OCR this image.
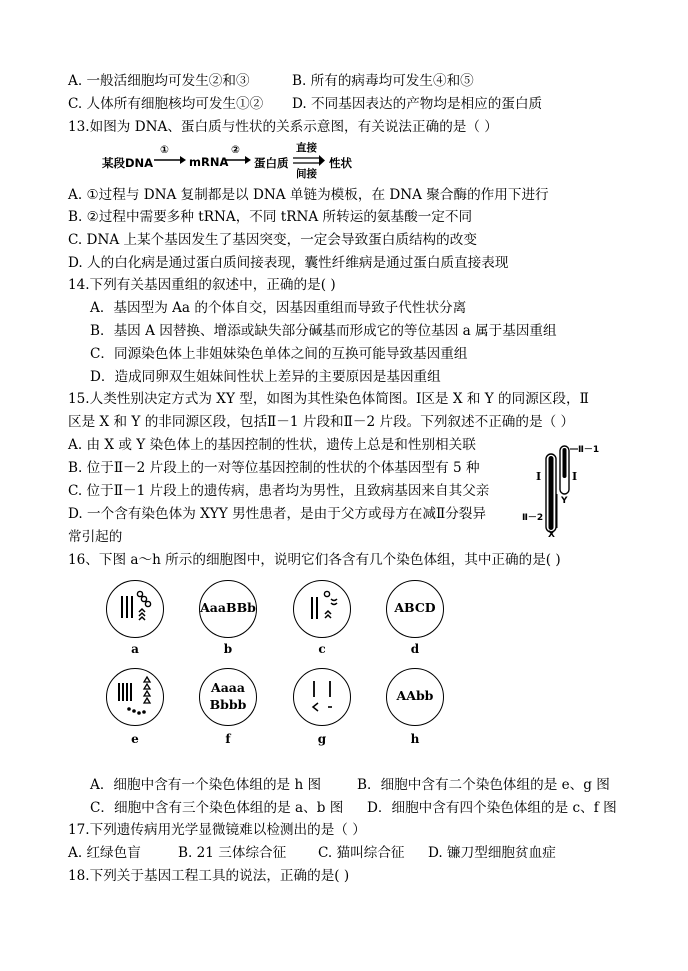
A. 一般活细胞均可发生②和③	B. 所有的病毒均可发生④和⑤
C. 人体所有细胞核均可发生①② D. 不同基因表达的产物均是相应的蛋白质
13.如图为 DNA、蛋白质与性状的关系示意图，有关说法正确的是（ ）
某段DNA
①
mRNA
②
蛋白质
直接
间接
性状
A. ①过程与 DNA 复制都是以 DNA 单链为模板，在 DNA 聚合酶的作用下进行
B. ②过程中需要多种 tRNA，不同 tRNA 所转运的氨基酸一定不同
C. DNA 上某个基因发生了基因突变，一定会导致蛋白质结构的改变
D. 人的白化病是通过蛋白质间接表现，囊性纤维病是通过蛋白质直接表现
14.下列有关基因重组的叙述中，正确的是( )
A．基因型为 Aa 的个体自交，因基因重组而导致子代性状分离
B．基因 A 因替换、增添或缺失部分碱基而形成它的等位基因 a 属于基因重组
C．同源染色体上非姐妹染色单体之间的互换可能导致基因重组
D．造成同卵双生姐妹间性状上差异的主要原因是基因重组
15.人类性别决定方式为 XY 型，如图为其性染色体简图。Ⅰ区是 X 和 Y 的同源区段，Ⅱ
区是 X 和 Y 的非同源区段，包括Ⅱ－1 片段和Ⅱ－2 片段。下列叙述不正确的是（ ）
A. 由 X 或 Y 染色体上的基因控制的性状，遗传上总是和性别相关联
B. 位于Ⅱ－2 片段上的一对等位基因控制的性状的个体基因型有 5 种
C. 位于Ⅱ－1 片段上的遗传病，患者均为男性，且致病基因来自其父亲
D. 一个含有染色体为 XYY 男性患者，是由于父方或母方在减Ⅱ分裂异
常引起的
Ⅱ－1
Ⅰ	Ⅰ
Y
Ⅱ－2
X
16、下图 a～h 所示的细胞图中，说明它们各含有几个染色体组，其中正确的是( )
a
AaaBBb
b	c
ABCD
d
e
Aaaa
Bbbb
f	g
AAbb
h
A．细胞中含有一个染色体组的是 h 图	B．细胞中含有二个染色体组的是 e、g 图
C．细胞中含有三个染色体组的是 a、b 图 D．细胞中含有四个染色体组的是 c、f 图
17.下列遗传病用光学显微镜难以检测出的是（ ）
A. 红绿色盲	B. 21 三体综合征 C. 猫叫综合征 D. 镰刀型细胞贫血症
18.下列关于基因工程工具的说法，正确的是( )
